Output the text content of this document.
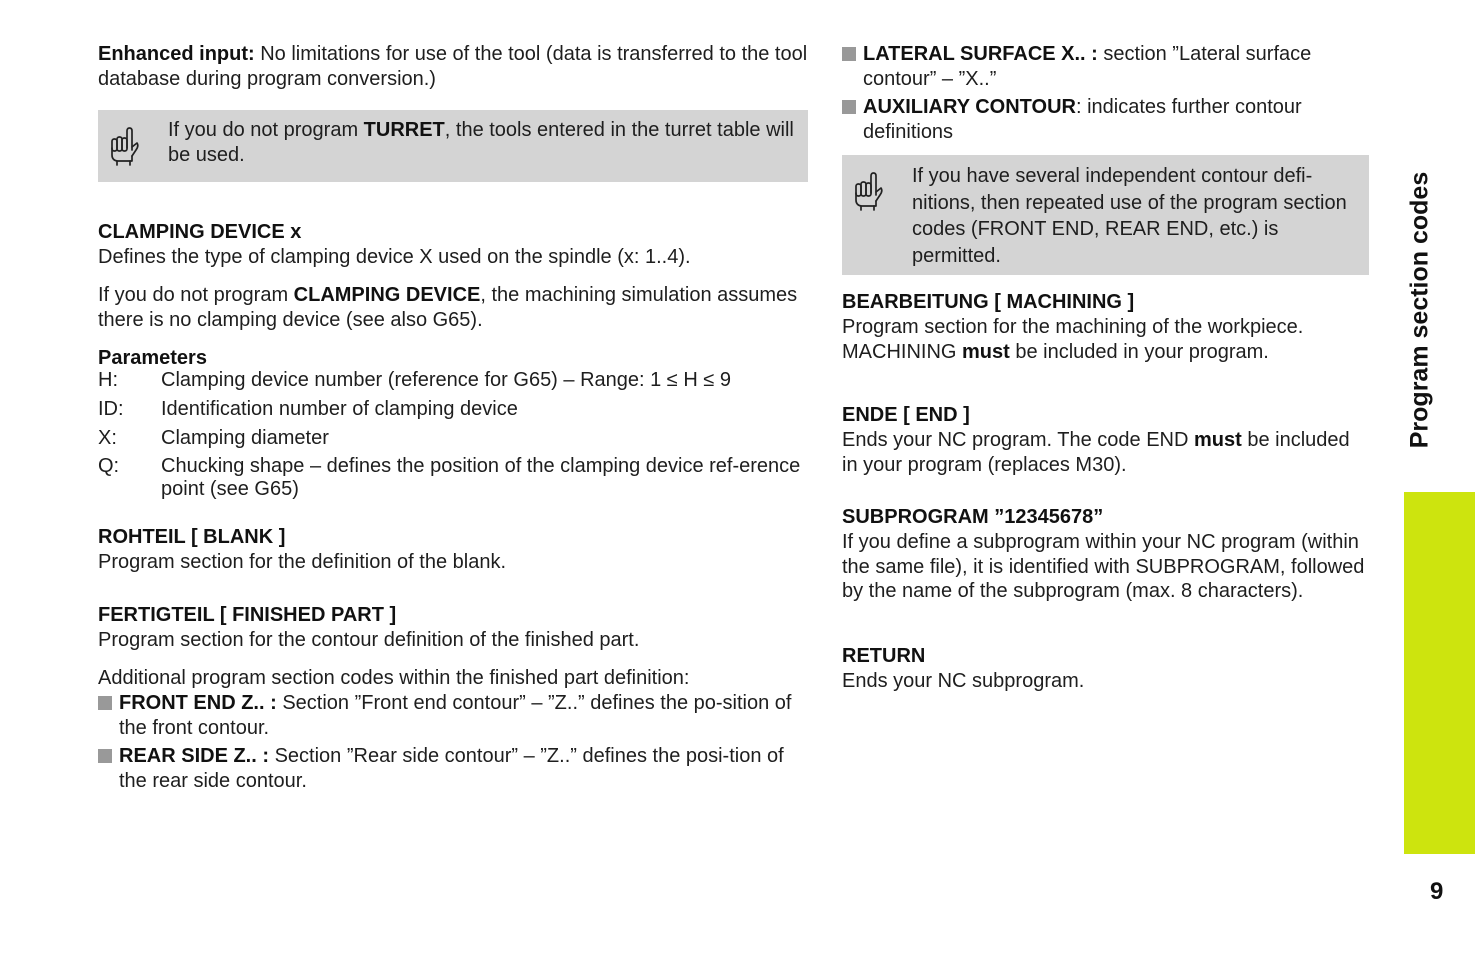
Enhanced input: No limitations for use of the tool (data is transferred to the tool database during program conversion.)

If you do not program TURRET, the tools entered in the turret table will be used.

CLAMPING DEVICE x

Defines the type of clamping device X used on the spindle (x: 1..4).

If you do not program CLAMPING DEVICE, the machining simulation assumes there is no clamping device (see also G65).

Parameters

H:	Clamping device number (reference for G65) – Range: 1 ≤ H ≤ 9
ID:	Identification number of clamping device
X:	Clamping diameter
Q:	Chucking shape – defines the position of the clamping device ref-erence point (see G65)

ROHTEIL [ BLANK ]

Program section for the definition of the blank.

FERTIGTEIL [ FINISHED PART ]

Program section for the contour definition of the finished part.

Additional program section codes within the finished part definition:

FRONT END Z.. : Section ”Front end contour” – ”Z..” defines the po-sition of the front contour.
REAR SIDE Z.. : Section ”Rear side contour” – ”Z..” defines the posi-tion of the rear side contour.
LATERAL SURFACE X.. : section ”Lateral surface contour” – ”X..”
AUXILIARY CONTOUR: indicates further contour definitions
If you have several independent contour defi-nitions, then repeated use of the program section codes (FRONT END, REAR END, etc.) is permitted.

BEARBEITUNG [ MACHINING ]

Program section for the machining of the workpiece. MACHINING must be included in your program.

ENDE [ END ]

Ends your NC program. The code END must be included in your program (replaces M30).

SUBPROGRAM ”12345678”

If you define a subprogram within your NC program (within the same file), it is identified with SUBPROGRAM, followed by the name of the subprogram (max. 8 characters).

RETURN

Ends your NC subprogram.

Program section codes
9
